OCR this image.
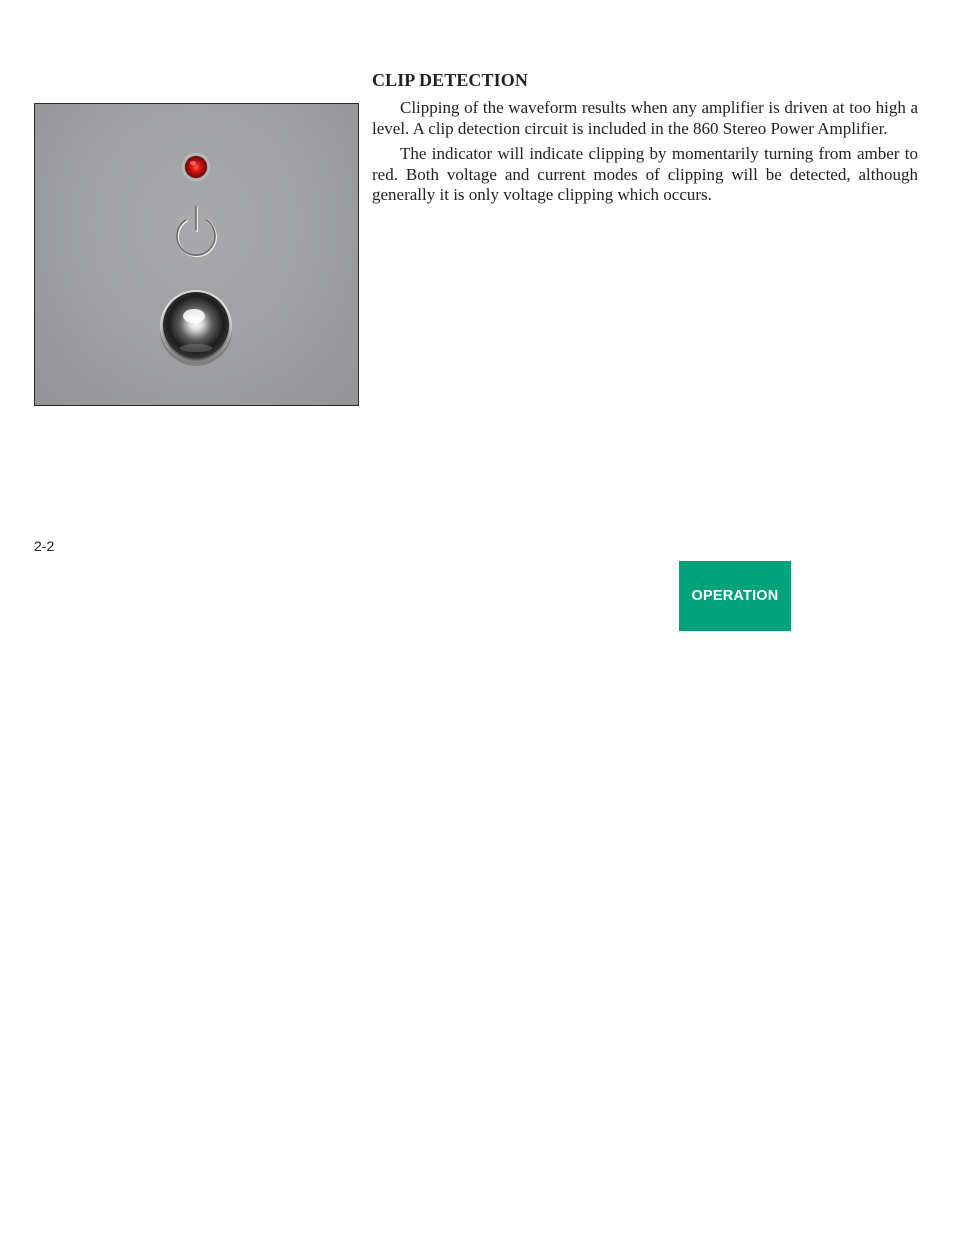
CLIP DETECTION

Clipping of the waveform results when any amplifier is driven at too high a level. A clip detection circuit is included in the 860 Stereo Power Amplifier.

The indicator will indicate clipping by momentarily turning from amber to red. Both voltage and current modes of clipping will be detected, although generally it is only voltage clipping which occurs.

2-2
OPERATION
